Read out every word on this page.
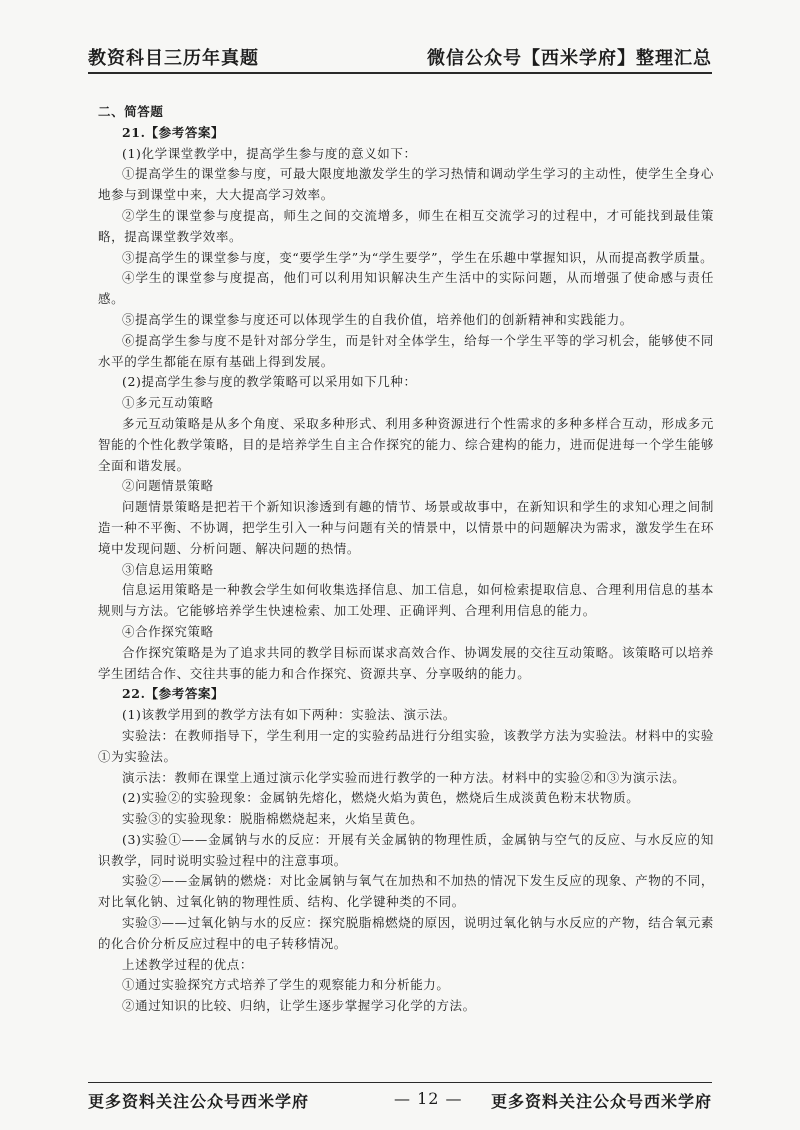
教资科目三历年真题	微信公众号【西米学府】整理汇总

二、简答题

21.【参考答案】

(1)化学课堂教学中，提高学生参与度的意义如下：

①提高学生的课堂参与度，可最大限度地激发学生的学习热情和调动学生学习的主动性，使学生全身心地参与到课堂中来，大大提高学习效率。

②学生的课堂参与度提高，师生之间的交流增多，师生在相互交流学习的过程中，才可能找到最佳策略，提高课堂教学效率。

③提高学生的课堂参与度，变“要学生学”为“学生要学”，学生在乐趣中掌握知识，从而提高教学质量。

④学生的课堂参与度提高，他们可以利用知识解决生产生活中的实际问题，从而增强了使命感与责任感。

⑤提高学生的课堂参与度还可以体现学生的自我价值，培养他们的创新精神和实践能力。

⑥提高学生参与度不是针对部分学生，而是针对全体学生，给每一个学生平等的学习机会，能够使不同水平的学生都能在原有基础上得到发展。

(2)提高学生参与度的教学策略可以采用如下几种：

①多元互动策略

多元互动策略是从多个角度、采取多种形式、利用多种资源进行个性需求的多种多样合互动，形成多元智能的个性化教学策略，目的是培养学生自主合作探究的能力、综合建构的能力，进而促进每一个学生能够全面和谐发展。

②问题情景策略

问题情景策略是把若干个新知识渗透到有趣的情节、场景或故事中，在新知识和学生的求知心理之间制造一种不平衡、不协调，把学生引入一种与问题有关的情景中，以情景中的问题解决为需求，激发学生在环境中发现问题、分析问题、解决问题的热情。

③信息运用策略

信息运用策略是一种教会学生如何收集选择信息、加工信息，如何检索提取信息、合理利用信息的基本规则与方法。它能够培养学生快速检索、加工处理、正确评判、合理利用信息的能力。

④合作探究策略

合作探究策略是为了追求共同的教学目标而谋求高效合作、协调发展的交往互动策略。该策略可以培养学生团结合作、交往共事的能力和合作探究、资源共享、分享吸纳的能力。

22.【参考答案】

(1)该教学用到的教学方法有如下两种：实验法、演示法。

实验法：在教师指导下，学生利用一定的实验药品进行分组实验，该教学方法为实验法。材料中的实验①为实验法。

演示法：教师在课堂上通过演示化学实验而进行教学的一种方法。材料中的实验②和③为演示法。

(2)实验②的实验现象：金属钠先熔化，燃烧火焰为黄色，燃烧后生成淡黄色粉末状物质。

实验③的实验现象：脱脂棉燃烧起来，火焰呈黄色。

(3)实验①——金属钠与水的反应：开展有关金属钠的物理性质，金属钠与空气的反应、与水反应的知识教学，同时说明实验过程中的注意事项。

实验②——金属钠的燃烧：对比金属钠与氧气在加热和不加热的情况下发生反应的现象、产物的不同，对比氧化钠、过氧化钠的物理性质、结构、化学键种类的不同。

实验③——过氧化钠与水的反应：探究脱脂棉燃烧的原因，说明过氧化钠与水反应的产物，结合氧元素的化合价分析反应过程中的电子转移情况。

上述教学过程的优点：

①通过实验探究方式培养了学生的观察能力和分析能力。

②通过知识的比较、归纳，让学生逐步掌握学习化学的方法。

更多资料关注公众号西米学府	— 12 — 更多资料关注公众号西米学府
